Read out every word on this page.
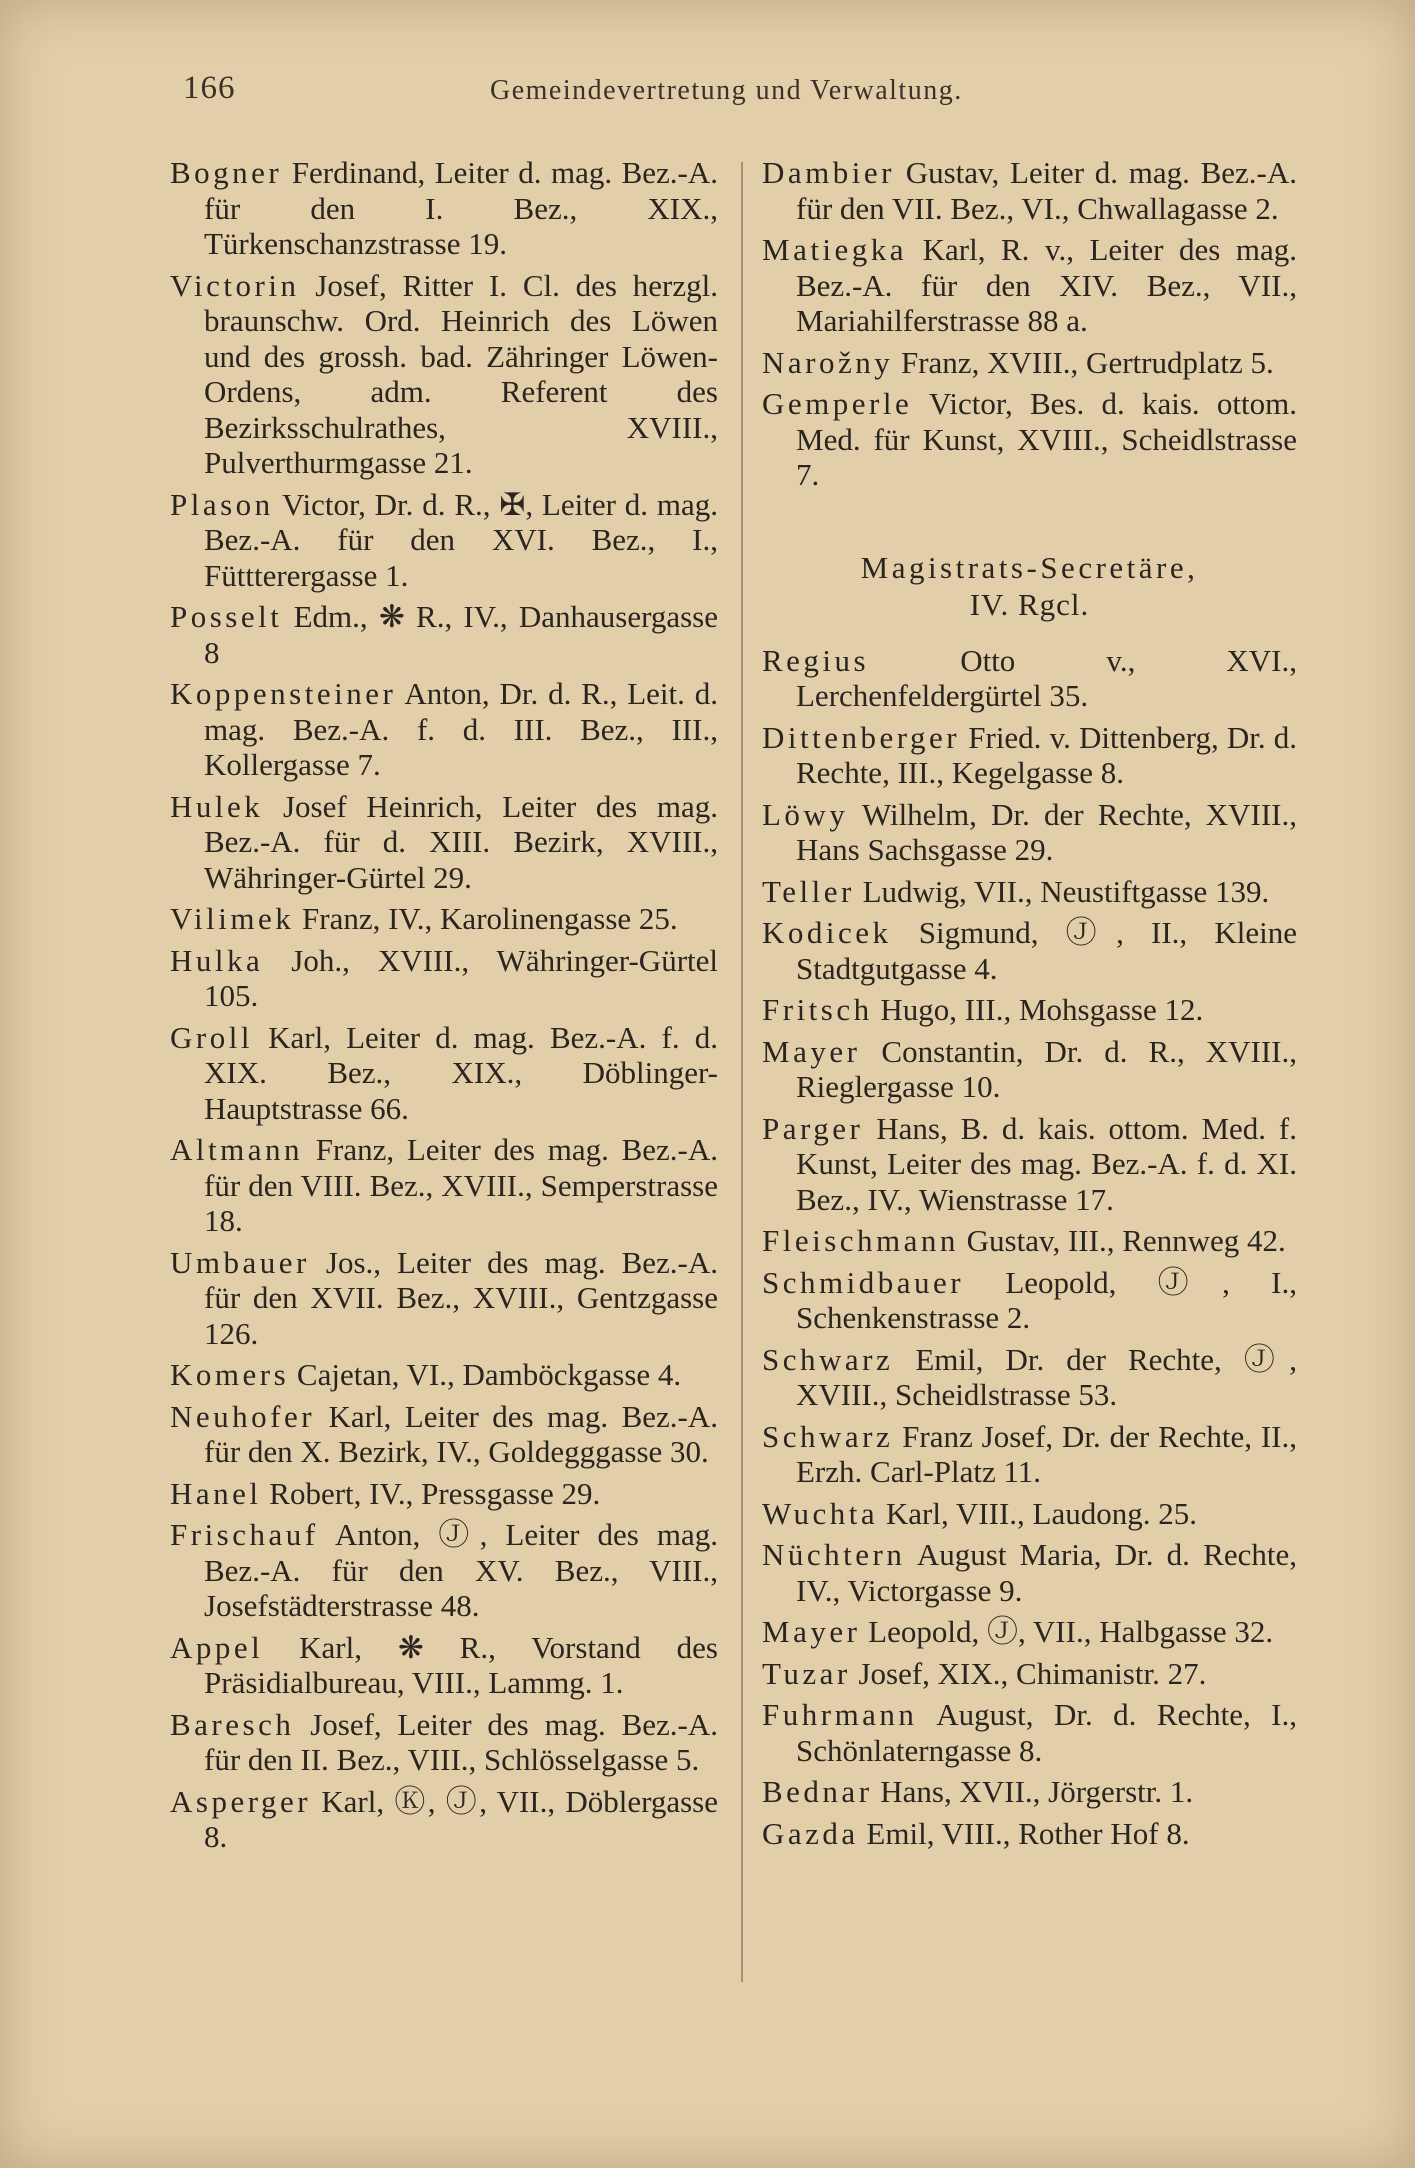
166	Gemeindevertretung und Verwaltung.

Bogner Ferdinand, Leiter d. mag. Bez.-A. für den I. Bez., XIX., Türkenschanzstrasse 19.

Victorin Josef, Ritter I. Cl. des herzgl. braunschw. Ord. Heinrich des Löwen und des grossh. bad. Zähringer Löwen-Ordens, adm. Referent des Bezirksschulrathes, XVIII., Pulverthurmgasse 21.

Plason Victor, Dr. d. R., ✠, Leiter d. mag. Bez.-A. für den XVI. Bez., I., Füttterergasse 1.

Posselt Edm., ❋ R., IV., Danhausergasse 8

Koppensteiner Anton, Dr. d. R., Leit. d. mag. Bez.-A. f. d. III. Bez., III., Kollergasse 7.

Hulek Josef Heinrich, Leiter des mag. Bez.-A. für d. XIII. Bezirk, XVIII., Währinger-Gürtel 29.

Vilimek Franz, IV., Karolinengasse 25.

Hulka Joh., XVIII., Währinger-Gürtel 105.

Groll Karl, Leiter d. mag. Bez.-A. f. d. XIX. Bez., XIX., Döblinger-Hauptstrasse 66.

Altmann Franz, Leiter des mag. Bez.-A. für den VIII. Bez., XVIII., Semperstrasse 18.

Umbauer Jos., Leiter des mag. Bez.-A. für den XVII. Bez., XVIII., Gentzgasse 126.

Komers Cajetan, VI., Damböckgasse 4.

Neuhofer Karl, Leiter des mag. Bez.-A. für den X. Bezirk, IV., Goldegggasse 30.

Hanel Robert, IV., Pressgasse 29.

Frischauf Anton, Ⓙ, Leiter des mag. Bez.-A. für den XV. Bez., VIII., Josefstädterstrasse 48.

Appel Karl, ❋ R., Vorstand des Präsidialbureau, VIII., Lammg. 1.

Baresch Josef, Leiter des mag. Bez.-A. für den II. Bez., VIII., Schlösselgasse 5.

Asperger Karl, Ⓚ, Ⓙ, VII., Döblergasse 8.

Dambier Gustav, Leiter d. mag. Bez.-A. für den VII. Bez., VI., Chwallagasse 2.

Matiegka Karl, R. v., Leiter des mag. Bez.-A. für den XIV. Bez., VII., Mariahilferstrasse 88 a.

Narožny Franz, XVIII., Gertrudplatz 5.

Gemperle Victor, Bes. d. kais. ottom. Med. für Kunst, XVIII., Scheidlstrasse 7.

Magistrats-Secretäre,
IV. Rgcl.

Regius	Otto v., XVI., Lerchenfeldergürtel 35.

Dittenberger Fried. v. Dittenberg, Dr. d. Rechte, III., Kegelgasse 8.

Löwy Wilhelm, Dr. der Rechte, XVIII., Hans Sachsgasse 29.

Teller Ludwig, VII., Neustiftgasse 139.

Kodicek Sigmund, Ⓙ, II., Kleine Stadtgutgasse 4.

Fritsch Hugo, III., Mohsgasse 12.

Mayer Constantin, Dr. d. R., XVIII., Rieglergasse 10.

Parger Hans, B. d. kais. ottom. Med. f. Kunst, Leiter des mag. Bez.-A. f. d. XI. Bez., IV., Wienstrasse 17.

Fleischmann Gustav, III., Rennweg 42.

Schmidbauer Leopold, Ⓙ, I., Schenkenstrasse 2.

Schwarz Emil, Dr. der Rechte, Ⓙ, XVIII., Scheidlstrasse 53.

Schwarz Franz Josef, Dr. der Rechte, II., Erzh. Carl-Platz 11.

Wuchta Karl, VIII., Laudong. 25.

Nüchtern August Maria, Dr. d. Rechte, IV., Victorgasse 9.

Mayer Leopold, Ⓙ, VII., Halbgasse 32.

Tuzar Josef, XIX., Chimanistr. 27.

Fuhrmann August, Dr. d. Rechte, I., Schönlaterngasse 8.

Bednar Hans, XVII., Jörgerstr. 1.

Gazda Emil, VIII., Rother Hof 8.
